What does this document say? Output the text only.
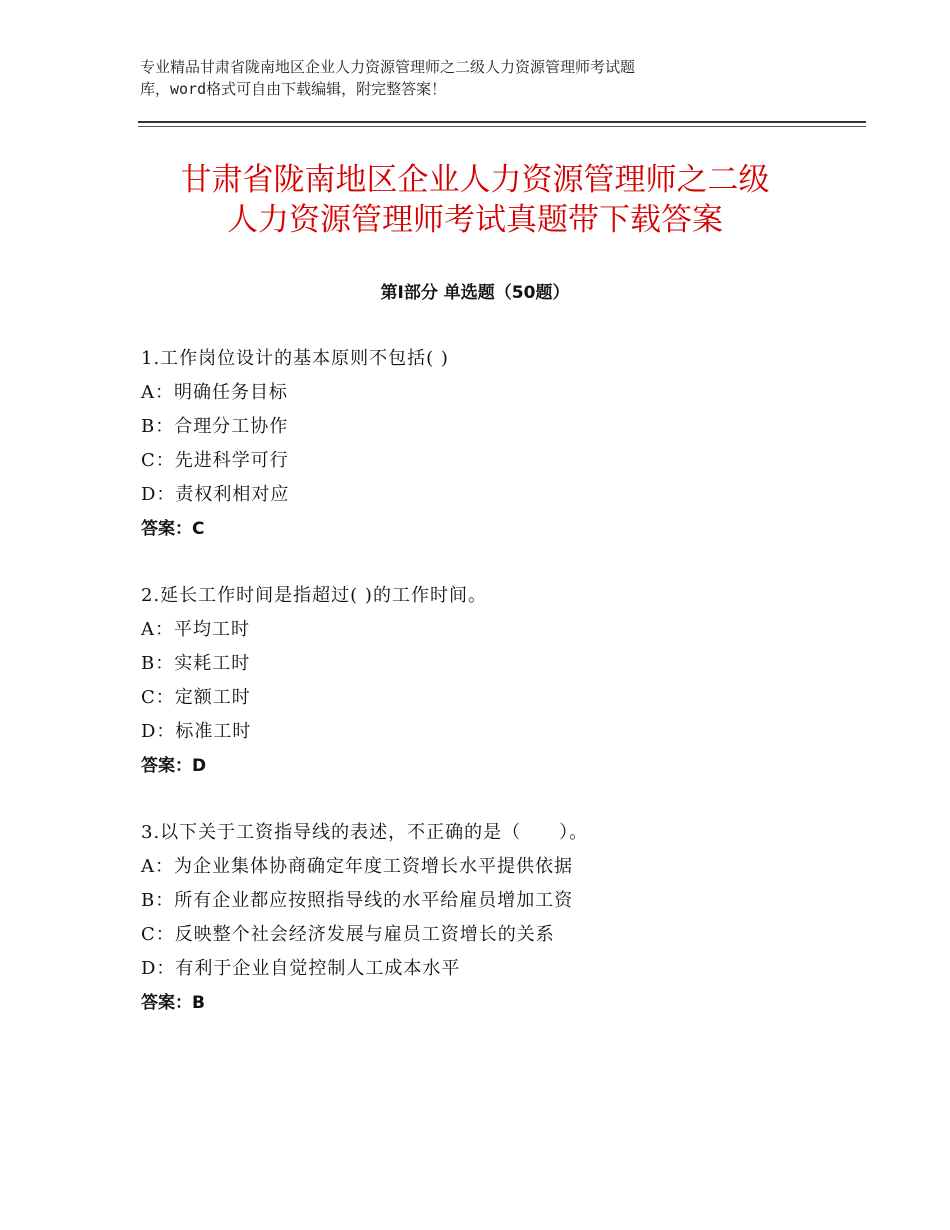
专业精品甘肃省陇南地区企业人力资源管理师之二级人力资源管理师考试题
库，word格式可自由下载编辑，附完整答案！
甘肃省陇南地区企业人力资源管理师之二级
人力资源管理师考试真题带下载答案
第Ⅰ部分 单选题（50题）
1.工作岗位设计的基本原则不包括( )
A：明确任务目标
B：合理分工协作
C：先进科学可行
D：责权利相对应
答案：C
2.延长工作时间是指超过( )的工作时间。
A：平均工时
B：实耗工时
C：定额工时
D：标准工时
答案：D
3.以下关于工资指导线的表述，不正确的是（　　）。
A：为企业集体协商确定年度工资增长水平提供依据
B：所有企业都应按照指导线的水平给雇员增加工资
C：反映整个社会经济发展与雇员工资增长的关系
D：有利于企业自觉控制人工成本水平
答案：B
